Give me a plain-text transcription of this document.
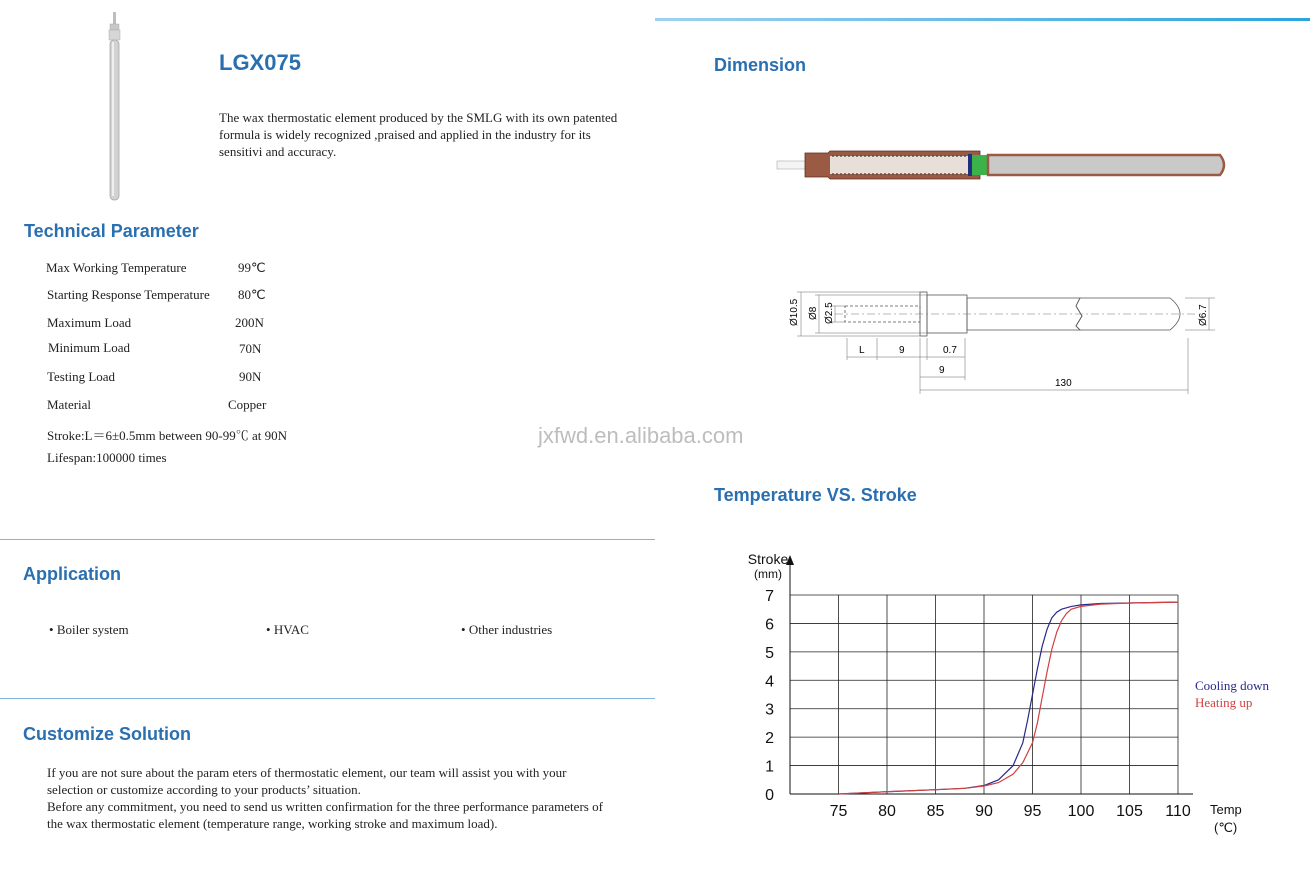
LGX075
The wax thermostatic element produced by the SMLG with its own patented formula is widely recognized ,praised and applied in the industry for its sensitivi and accuracy.
Technical Parameter
Max Working Temperature	99℃
Starting Response Temperature 80℃
Maximum Load	200N
Minimum Load	70N
Testing Load	90N
Material	Copper
Stroke:L＝6±0.5mm between 90-99℃ at 90N
Lifespan:100000 times
Application
• Boiler system	• HVAC	• Other industries
Customize Solution
If you are not sure about the param eters of thermostatic element, our team will assist you with your selection or customize according to your products’ situation.
Before any commitment, you need to send us written confirmation for the three performance parameters of the wax thermostatic element (temperature range, working stroke and maximum load).
Dimension
Ø10.5 Ø8 Ø2.5	Ø6.7
L	9	0.7
9
130
jxfwd.en.alibaba.com
Temperature VS. Stroke
0
1
2
3
4
5
6
7
75 80 85 90 95 100 105 110
Stroke
(mm)
Temp
(℃)
Cooling down
Heating up
